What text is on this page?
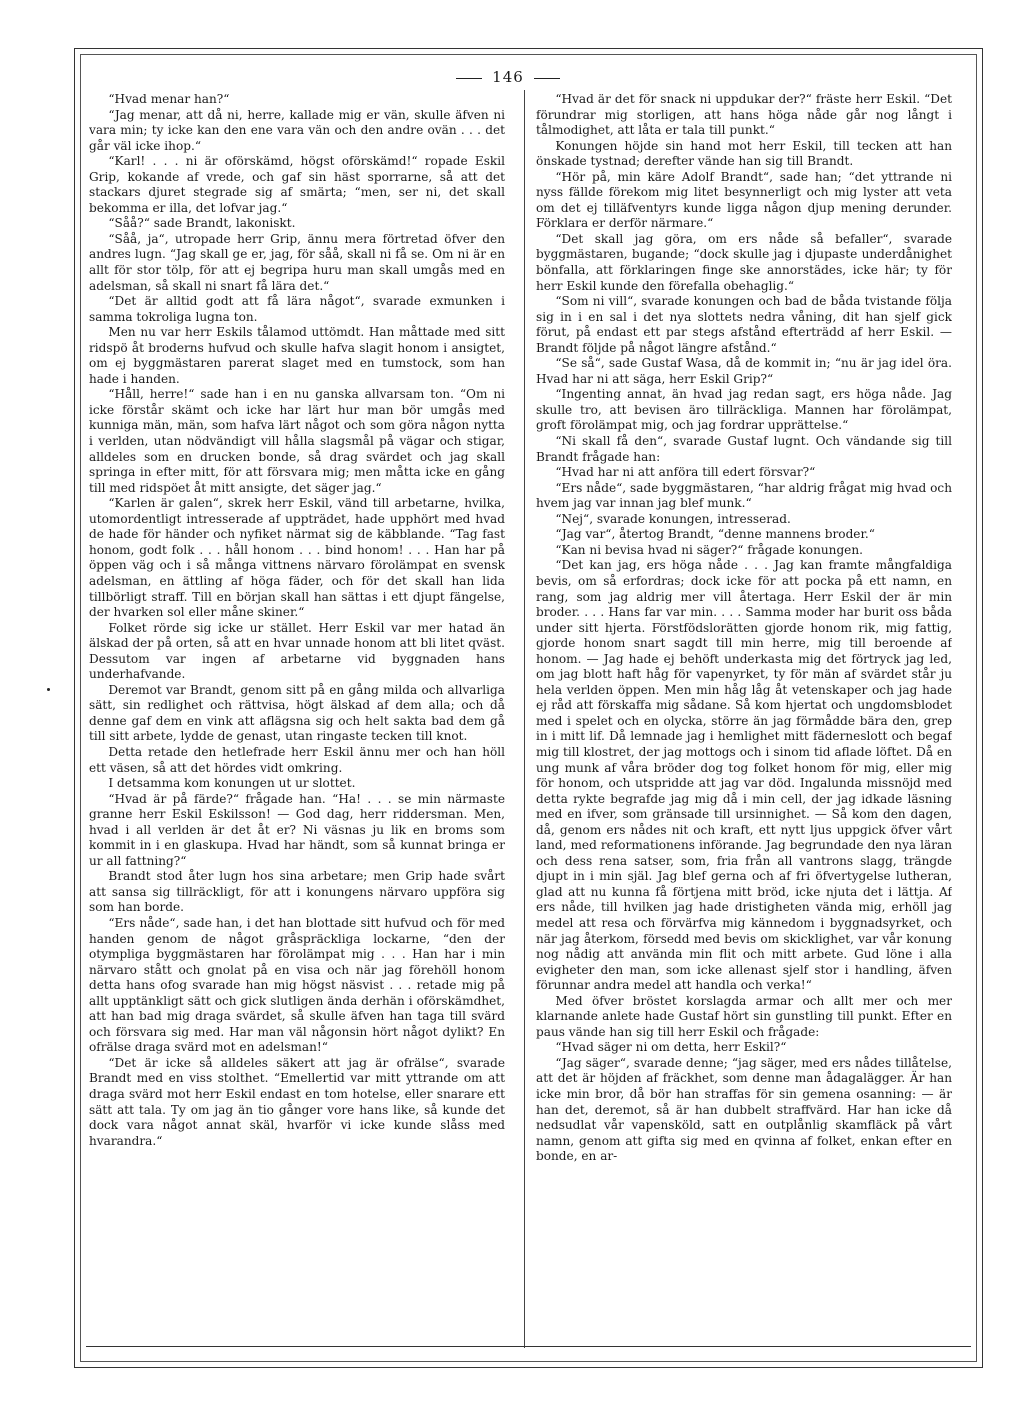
146

“Hvad menar han?“

“Jag menar, att då ni, herre, kallade mig er vän, skulle äfven ni vara min; ty icke kan den ene vara vän och den andre ovän . . . det går väl icke ihop.“

“Karl! . . . ni är oförskämd, högst oförskämd!“ ropade Eskil Grip, kokande af vrede, och gaf sin häst sporrarne, så att det stackars djuret stegrade sig af smärta; “men, ser ni, det skall bekomma er illa, det lofvar jag.“

“Såå?“ sade Brandt, lakoniskt.

“Såå, ja“, utropade herr Grip, ännu mera förtretad öfver den andres lugn. “Jag skall ge er, jag, för såå, skall ni få se. Om ni är en allt för stor tölp, för att ej begripa huru man skall umgås med en adelsman, så skall ni snart få lära det.“

“Det är alltid godt att få lära något“, svarade exmunken i samma tokroliga lugna ton.

Men nu var herr Eskils tålamod uttömdt. Han måttade med sitt ridspö åt broderns hufvud och skulle hafva slagit honom i ansigtet, om ej byggmästaren parerat slaget med en tumstock, som han hade i handen.

“Håll, herre!“ sade han i en nu ganska allvarsam ton. “Om ni icke förstår skämt och icke har lärt hur man bör umgås med kunniga män, män, som hafva lärt något och som göra någon nytta i verlden, utan nödvändigt vill hålla slagsmål på vägar och stigar, alldeles som en drucken bonde, så drag svärdet och jag skall springa in efter mitt, för att försvara mig; men måtta icke en gång till med ridspöet åt mitt ansigte, det säger jag.“

“Karlen är galen“, skrek herr Eskil, vänd till arbetarne, hvilka, utomordentligt intresserade af uppträdet, hade upphört med hvad de hade för händer och nyfiket närmat sig de käbblande. “Tag fast honom, godt folk . . . håll honom . . . bind honom! . . . Han har på öppen väg och i så många vittnens närvaro förolämpat en svensk adelsman, en ättling af höga fäder, och för det skall han lida tillbörligt straff. Till en början skall han sättas i ett djupt fängelse, der hvarken sol eller måne skiner.“

Folket rörde sig icke ur stället. Herr Eskil var mer hatad än älskad der på orten, så att en hvar unnade honom att bli litet qväst. Dessutom var ingen af arbetarne vid byggnaden hans underhafvande.

Deremot var Brandt, genom sitt på en gång milda och allvarliga sätt, sin redlighet och rättvisa, högt älskad af dem alla; och då denne gaf dem en vink att aflägsna sig och helt sakta bad dem gå till sitt arbete, lydde de genast, utan ringaste tecken till knot.

Detta retade den hetlefrade herr Eskil ännu mer och han höll ett väsen, så att det hördes vidt omkring.

I detsamma kom konungen ut ur slottet.

“Hvad är på färde?“ frågade han. “Ha! . . . se min närmaste granne herr Eskil Eskilsson! — God dag, herr riddersman. Men, hvad i all verlden är det åt er? Ni väsnas ju lik en broms som kommit in i en glaskupa. Hvad har händt, som så kunnat bringa er ur all fattning?“

Brandt stod åter lugn hos sina arbetare; men Grip hade svårt att sansa sig tillräckligt, för att i konungens närvaro uppföra sig som han borde.

“Ers nåde“, sade han, i det han blottade sitt hufvud och för med handen genom de något gråspräckliga lockarne, “den der otympliga byggmästaren har förolämpat mig . . . Han har i min närvaro stått och gnolat på en visa och när jag förehöll honom detta hans ofog svarade han mig högst näsvist . . . retade mig på allt upptänkligt sätt och gick slutligen ända derhän i oförskämdhet, att han bad mig draga svärdet, så skulle äfven han taga till svärd och försvara sig med. Har man väl någonsin hört något dylikt? En ofrälse draga svärd mot en adelsman!“

“Det är icke så alldeles säkert att jag är ofrälse“, svarade Brandt med en viss stolthet. “Emellertid var mitt yttrande om att draga svärd mot herr Eskil endast en tom hotelse, eller snarare ett sätt att tala. Ty om jag än tio gånger vore hans like, så kunde det dock vara något annat skäl, hvarför vi icke kunde slåss med hvarandra.“

“Hvad är det för snack ni uppdukar der?“ fräste herr Eskil. “Det förundrar mig storligen, att hans höga nåde går nog långt i tålmodighet, att låta er tala till punkt.“

Konungen höjde sin hand mot herr Eskil, till tecken att han önskade tystnad; derefter vände han sig till Brandt.

“Hör på, min käre Adolf Brandt“, sade han; “det yttrande ni nyss fällde förekom mig litet besynnerligt och mig lyster att veta om det ej tilläfventyrs kunde ligga någon djup mening derunder. Förklara er derför närmare.“

“Det skall jag göra, om ers nåde så befaller“, svarade byggmästaren, bugande; “dock skulle jag i djupaste underdånighet bönfalla, att förklaringen finge ske annorstädes, icke här; ty för herr Eskil kunde den förefalla obehaglig.“

“Som ni vill“, svarade konungen och bad de båda tvistande följa sig in i en sal i det nya slottets nedra våning, dit han sjelf gick förut, på endast ett par stegs afstånd efterträdd af herr Eskil. — Brandt följde på något längre afstånd.“

“Se så“, sade Gustaf Wasa, då de kommit in; “nu är jag idel öra. Hvad har ni att säga, herr Eskil Grip?“

“Ingenting annat, än hvad jag redan sagt, ers höga nåde. Jag skulle tro, att bevisen äro tillräckliga. Mannen har förolämpat, groft förolämpat mig, och jag fordrar upprättelse.“

“Ni skall få den“, svarade Gustaf lugnt. Och vändande sig till Brandt frågade han:

“Hvad har ni att anföra till edert försvar?“

“Ers nåde“, sade byggmästaren, “har aldrig frågat mig hvad och hvem jag var innan jag blef munk.“

“Nej“, svarade konungen, intresserad.

“Jag var“, återtog Brandt, “denne mannens broder.“

“Kan ni bevisa hvad ni säger?“ frågade konungen.

“Det kan jag, ers höga nåde . . . Jag kan framte mångfaldiga bevis, om så erfordras; dock icke för att pocka på ett namn, en rang, som jag aldrig mer vill återtaga. Herr Eskil der är min broder. . . . Hans far var min. . . . Samma moder har burit oss båda under sitt hjerta. Förstfödslorätten gjorde honom rik, mig fattig, gjorde honom snart sagdt till min herre, mig till beroende af honom. — Jag hade ej behöft underkasta mig det förtryck jag led, om jag blott haft håg för vapenyrket, ty för män af svärdet står ju hela verlden öppen. Men min håg låg åt vetenskaper och jag hade ej råd att förskaffa mig sådane. Så kom hjertat och ungdomsblodet med i spelet och en olycka, större än jag förmådde bära den, grep in i mitt lif. Då lemnade jag i hemlighet mitt fäderneslott och begaf mig till klostret, der jag mottogs och i sinom tid aflade löftet. Då en ung munk af våra bröder dog tog folket honom för mig, eller mig för honom, och utspridde att jag var död. Ingalunda missnöjd med detta rykte begrafde jag mig då i min cell, der jag idkade läsning med en ifver, som gränsade till ursinnighet. — Så kom den dagen, då, genom ers nådes nit och kraft, ett nytt ljus uppgick öfver vårt land, med reformationens införande. Jag begrundade den nya läran och dess rena satser, som, fria från all vantrons slagg, trängde djupt in i min själ. Jag blef gerna och af fri öfvertygelse lutheran, glad att nu kunna få förtjena mitt bröd, icke njuta det i lättja. Af ers nåde, till hvilken jag hade dristigheten vända mig, erhöll jag medel att resa och förvärfva mig kännedom i byggnadsyrket, och när jag återkom, försedd med bevis om skicklighet, var vår konung nog nådig att använda min flit och mitt arbete. Gud löne i alla evigheter den man, som icke allenast sjelf stor i handling, äfven förunnar andra medel att handla och verka!“

Med öfver bröstet korslagda armar och allt mer och mer klarnande anlete hade Gustaf hört sin gunstling till punkt. Efter en paus vände han sig till herr Eskil och frågade:

“Hvad säger ni om detta, herr Eskil?“

“Jag säger“, svarade denne; “jag säger, med ers nådes tillåtelse, att det är höjden af fräckhet, som denne man ådagalägger. Är han icke min bror, då bör han straffas för sin gemena osanning: — är han det, deremot, så är han dubbelt straffvärd. Har han icke då nedsudlat vår vapensköld, satt en outplånlig skamfläck på vårt namn, genom att gifta sig med en qvinna af folket, enkan efter en bonde, en ar-
